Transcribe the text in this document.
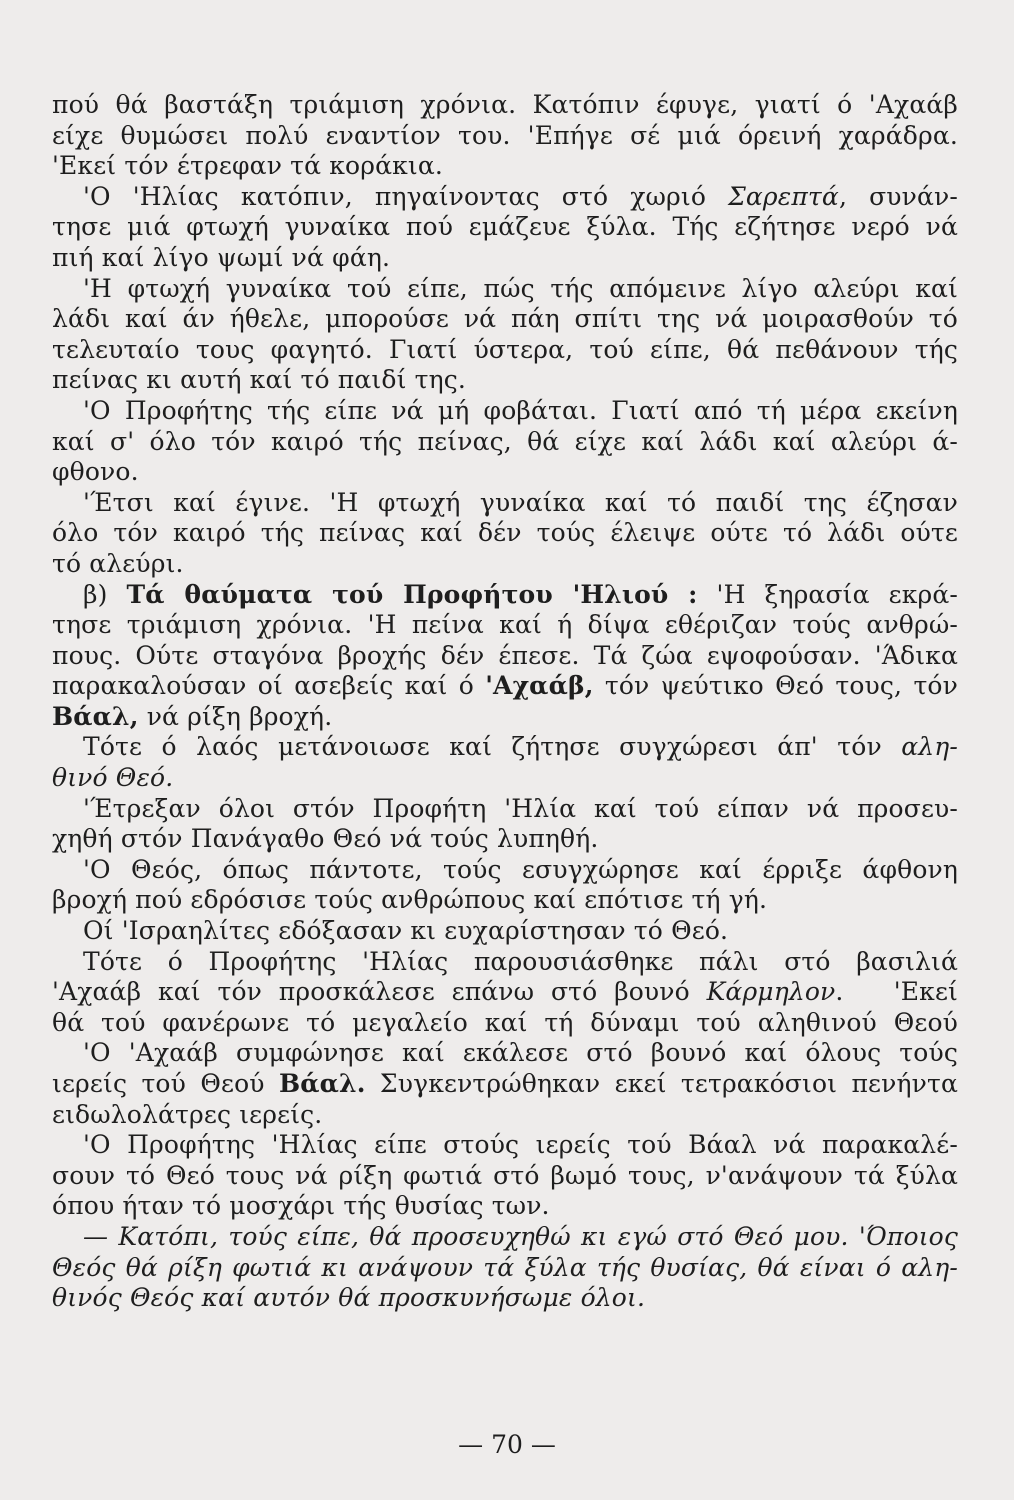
πού θά βαστάξη τριάμιση χρόνια. Κατόπιν έφυγε, γιατί ό 'Αχαάβ
είχε θυμώσει πολύ εναντίον του. 'Επήγε σέ μιά όρεινή χαράδρα.
'Εκεί τόν έτρεφαν τά κοράκια.
'Ο 'Ηλίας κατόπιν, πηγαίνοντας στό χωριό Σαρεπτά, συνάν-
τησε μιά φτωχή γυναίκα πού εμάζευε ξύλα. Τής εζήτησε νερό νά
πιή καί λίγο ψωμί νά φάη.
'Η φτωχή γυναίκα τού είπε, πώς τής απόμεινε λίγο αλεύρι καί
λάδι καί άν ήθελε, μπορούσε νά πάη σπίτι της νά μοιρασθούν τό
τελευταίο τους φαγητό. Γιατί ύστερα, τού είπε, θά πεθάνουν τής
πείνας κι αυτή καί τό παιδί της.
'Ο Προφήτης τής είπε νά μή φοβάται. Γιατί από τή μέρα εκείνη
καί σ' όλο τόν καιρό τής πείνας, θά είχε καί λάδι καί αλεύρι ά-
φθονο.
'Έτσι καί έγινε. 'Η φτωχή γυναίκα καί τό παιδί της έζησαν
όλο τόν καιρό τής πείνας καί δέν τούς έλειψε ούτε τό λάδι ούτε
τό αλεύρι.
β) Τά θαύματα τού Προφήτου 'Ηλιού : 'Η ξηρασία εκρά-
τησε τριάμιση χρόνια. 'Η πείνα καί ή δίψα εθέριζαν τούς ανθρώ-
πους. Ούτε σταγόνα βροχής δέν έπεσε. Τά ζώα εψοφούσαν. 'Άδικα
παρακαλούσαν οί ασεβείς καί ό 'Αχαάβ, τόν ψεύτικο Θεό τους, τόν
Βάαλ, νά ρίξη βροχή.
Τότε ό λαός μετάνοιωσε καί ζήτησε συγχώρεσι άπ' τόν αλη-
θινό Θεό.
'Έτρεξαν όλοι στόν Προφήτη 'Ηλία καί τού είπαν νά προσευ-
χηθή στόν Πανάγαθο Θεό νά τούς λυπηθή.
'Ο Θεός, όπως πάντοτε, τούς εσυγχώρησε καί έρριξε άφθονη
βροχή πού εδρόσισε τούς ανθρώπους καί επότισε τή γή.
Οί 'Ισραηλίτες εδόξασαν κι ευχαρίστησαν τό Θεό.
Τότε ό Προφήτης 'Ηλίας παρουσιάσθηκε πάλι στό βασιλιά
'Αχαάβ καί τόν προσκάλεσε επάνω στό βουνό Κάρμηλον.   'Εκεί
θά τού φανέρωνε τό μεγαλείο καί τή δύναμι τού αληθινού Θεού
'Ο 'Αχαάβ συμφώνησε καί εκάλεσε στό βουνό καί όλους τούς
ιερείς τού Θεού Βάαλ. Συγκεντρώθηκαν εκεί τετρακόσιοι πενήντα
ειδωλολάτρες ιερείς.
'Ο Προφήτης 'Ηλίας είπε στούς ιερείς τού Βάαλ νά παρακαλέ-
σουν τό Θεό τους νά ρίξη φωτιά στό βωμό τους, ν'ανάψουν τά ξύλα
όπου ήταν τό μοσχάρι τής θυσίας των.
— Κατόπι, τούς είπε, θά προσευχηθώ κι εγώ στό Θεό μου. 'Όποιος
Θεός θά ρίξη φωτιά κι ανάψουν τά ξύλα τής θυσίας, θά είναι ό αλη-
θινός Θεός καί αυτόν θά προσκυνήσωμε όλοι.
— 70 —
